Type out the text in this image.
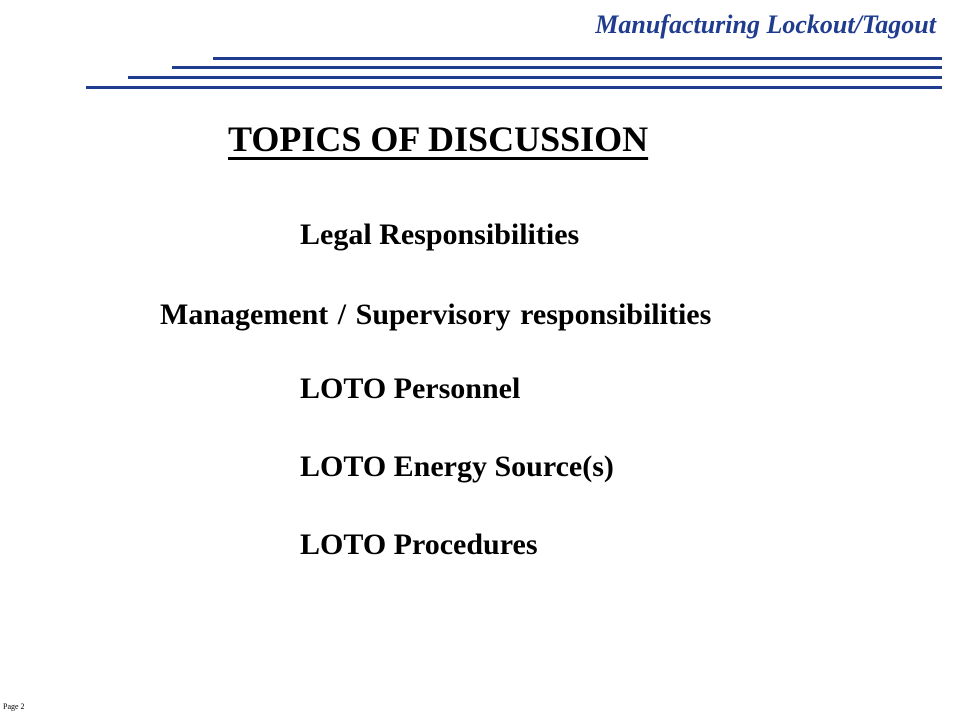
Manufacturing Lockout/Tagout
TOPICS OF DISCUSSION
Legal Responsibilities
Management / Supervisory responsibilities
LOTO Personnel
LOTO Energy Source(s)
LOTO Procedures
Page 2
